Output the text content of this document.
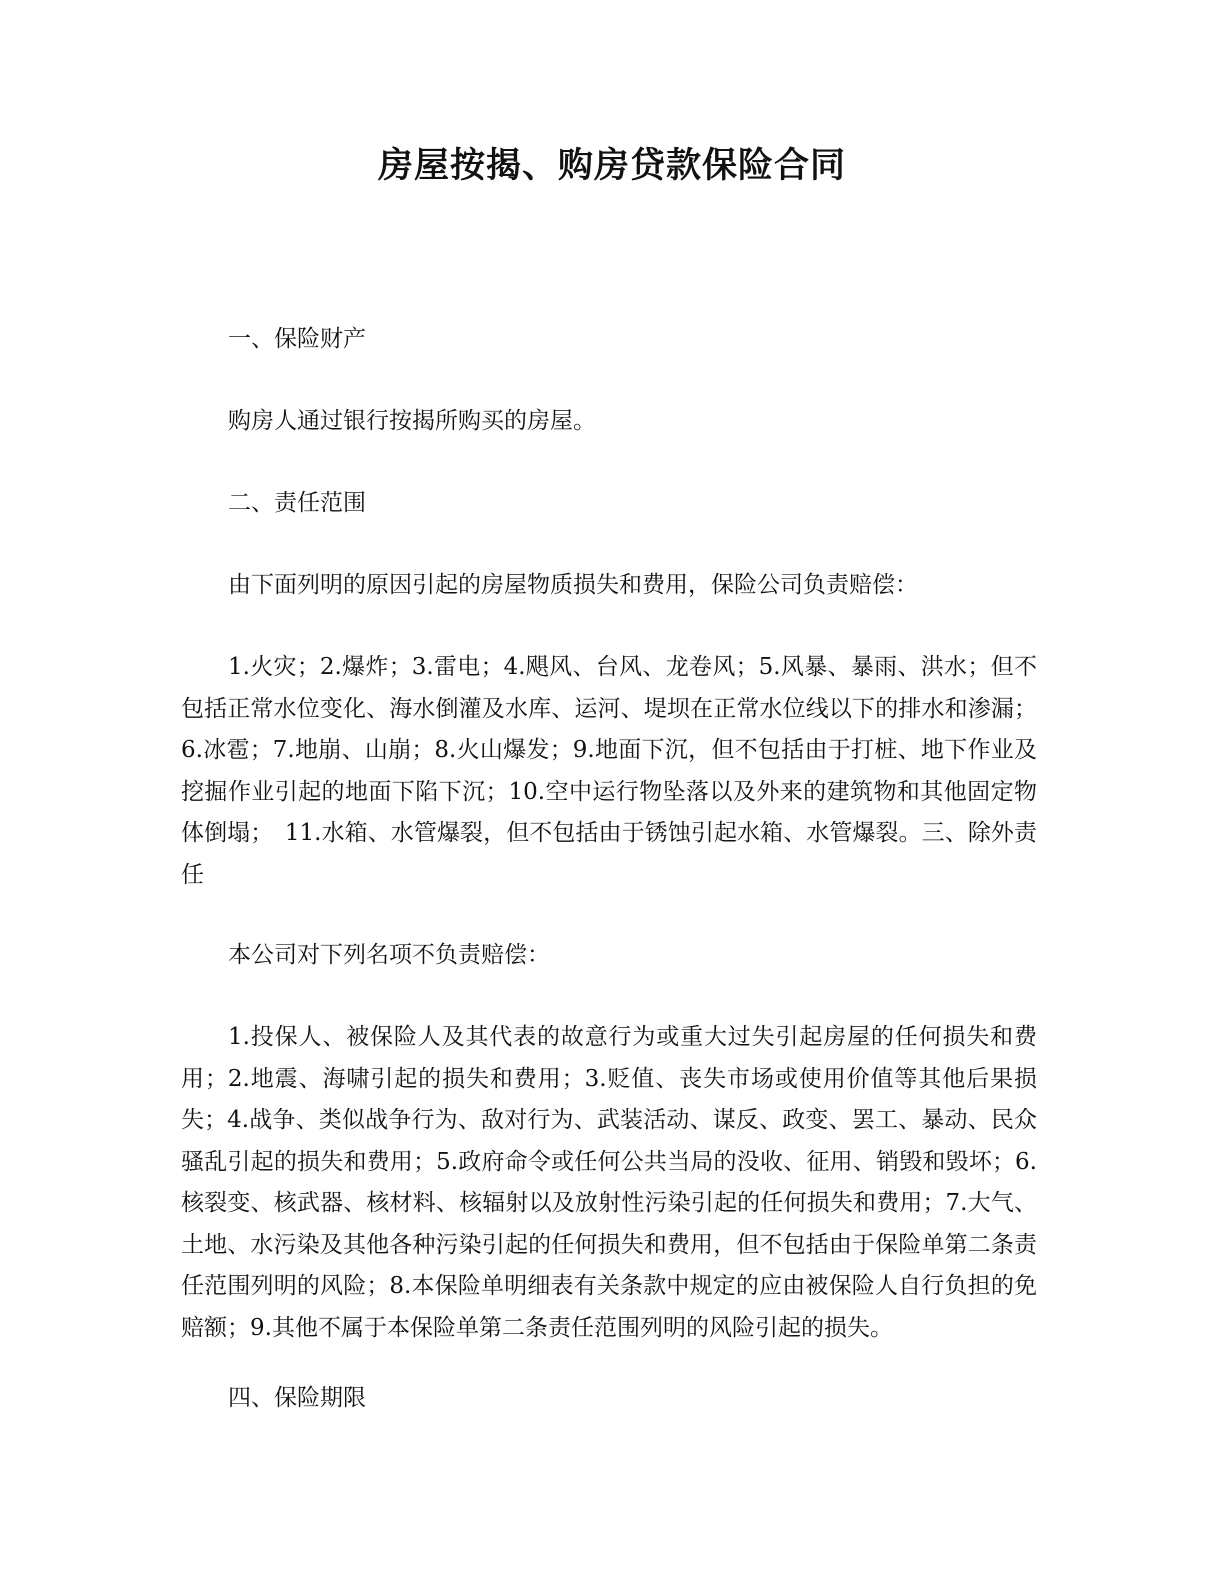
房屋按揭、购房贷款保险合同

一、保险财产

购房人通过银行按揭所购买的房屋。

二、责任范围

由下面列明的原因引起的房屋物质损失和费用，保险公司负责赔偿：

1.火灾；2.爆炸；3.雷电；4.飓风、台风、龙卷风；5.风暴、暴雨、洪水；但不包括正常水位变化、海水倒灌及水库、运河、堤坝在正常水位线以下的排水和渗漏；6.冰雹；7.地崩、山崩；8.火山爆发；9.地面下沉，但不包括由于打桩、地下作业及挖掘作业引起的地面下陷下沉；10.空中运行物坠落以及外来的建筑物和其他固定物体倒塌；　11.水箱、水管爆裂，但不包括由于锈蚀引起水箱、水管爆裂。三、除外责任

本公司对下列名项不负责赔偿：

1.投保人、被保险人及其代表的故意行为或重大过失引起房屋的任何损失和费用；2.地震、海啸引起的损失和费用；3.贬值、丧失市场或使用价值等其他后果损失；4.战争、类似战争行为、敌对行为、武装活动、谋反、政变、罢工、暴动、民众骚乱引起的损失和费用；5.政府命令或任何公共当局的没收、征用、销毁和毁坏；6.核裂变、核武器、核材料、核辐射以及放射性污染引起的任何损失和费用；7.大气、土地、水污染及其他各种污染引起的任何损失和费用，但不包括由于保险单第二条责任范围列明的风险；8.本保险单明细表有关条款中规定的应由被保险人自行负担的免赔额；9.其他不属于本保险单第二条责任范围列明的风险引起的损失。

四、保险期限
